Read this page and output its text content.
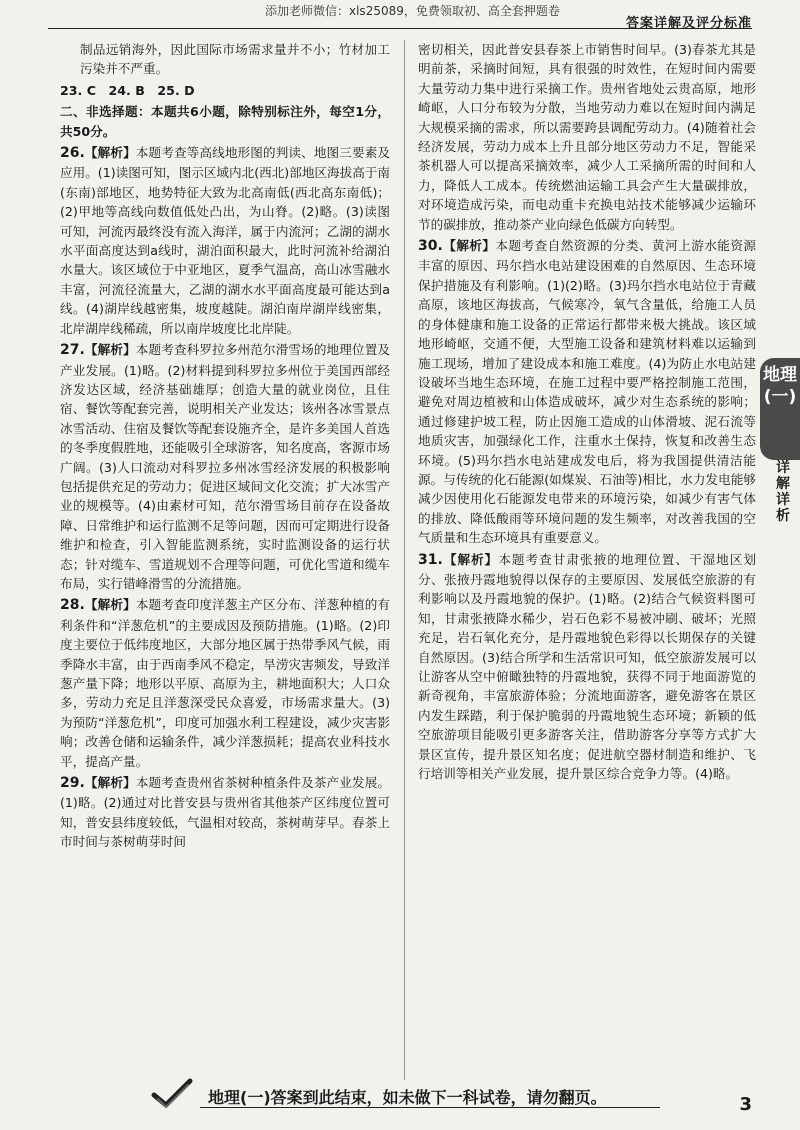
添加老师微信：xls25089，免费领取初、高全套押题卷
答案详解及评分标准

制品远销海外，因此国际市场需求量并不小；竹材加工污染并不严重。

23. C　24. B　25. D

二、非选择题：本题共6小题，除特别标注外，每空1分，共50分。

26.【解析】本题考查等高线地形图的判读、地图三要素及应用。(1)读图可知，图示区域内北(西北)部地区海拔高于南(东南)部地区，地势特征大致为北高南低(西北高东南低)；(2)甲地等高线向数值低处凸出，为山脊。(2)略。(3)读图可知，河流丙最终没有流入海洋，属于内流河；乙湖的湖水水平面高度达到a线时，湖泊面积最大，此时河流补给湖泊水量大。该区域位于中亚地区，夏季气温高，高山冰雪融水丰富，河流径流量大，乙湖的湖水水平面高度最可能达到a线。(4)湖岸线越密集，坡度越陡。湖泊南岸湖岸线密集，北岸湖岸线稀疏，所以南岸坡度比北岸陡。

27.【解析】本题考查科罗拉多州范尔滑雪场的地理位置及产业发展。(1)略。(2)材料提到科罗拉多州位于美国西部经济发达区域，经济基础雄厚；创造大量的就业岗位，且住宿、餐饮等配套完善，说明相关产业发达；该州各冰雪景点冰雪活动、住宿及餐饮等配套设施齐全，是许多美国人首选的冬季度假胜地，还能吸引全球游客，知名度高，客源市场广阔。(3)人口流动对科罗拉多州冰雪经济发展的积极影响包括提供充足的劳动力；促进区域间文化交流；扩大冰雪产业的规模等。(4)由素材可知，范尔滑雪场目前存在设备故障、日常维护和运行监测不足等问题，因而可定期进行设备维护和检查，引入智能监测系统，实时监测设备的运行状态；针对缆车、雪道规划不合理等问题，可优化雪道和缆车布局，实行错峰滑雪的分流措施。

28.【解析】本题考查印度洋葱主产区分布、洋葱种植的有利条件和“洋葱危机”的主要成因及预防措施。(1)略。(2)印度主要位于低纬度地区，大部分地区属于热带季风气候，雨季降水丰富，由于西南季风不稳定，旱涝灾害频发，导致洋葱产量下降；地形以平原、高原为主，耕地面积大；人口众多，劳动力充足且洋葱深受民众喜爱，市场需求量大。(3)为预防“洋葱危机”，印度可加强水利工程建设，减少灾害影响；改善仓储和运输条件，减少洋葱损耗；提高农业科技水平，提高产量。

29.【解析】本题考查贵州省茶树种植条件及茶产业发展。(1)略。(2)通过对比普安县与贵州省其他茶产区纬度位置可知，普安县纬度较低，气温相对较高，茶树萌芽早。春茶上市时间与茶树萌芽时间

密切相关，因此普安县春茶上市销售时间早。(3)春茶尤其是明前茶，采摘时间短，具有很强的时效性，在短时间内需要大量劳动力集中进行采摘工作。贵州省地处云贵高原，地形崎岖，人口分布较为分散，当地劳动力难以在短时间内满足大规模采摘的需求，所以需要跨县调配劳动力。(4)随着社会经济发展，劳动力成本上升且部分地区劳动力不足，智能采茶机器人可以提高采摘效率，减少人工采摘所需的时间和人力，降低人工成本。传统燃油运输工具会产生大量碳排放，对环境造成污染，而电动重卡充换电站技术能够减少运输环节的碳排放，推动茶产业向绿色低碳方向转型。

30.【解析】本题考查自然资源的分类、黄河上游水能资源丰富的原因、玛尔挡水电站建设困难的自然原因、生态环境保护措施及有利影响。(1)(2)略。(3)玛尔挡水电站位于青藏高原，该地区海拔高，气候寒冷，氧气含量低，给施工人员的身体健康和施工设备的正常运行都带来极大挑战。该区域地形崎岖，交通不便，大型施工设备和建筑材料难以运输到施工现场，增加了建设成本和施工难度。(4)为防止水电站建设破坏当地生态环境，在施工过程中要严格控制施工范围，避免对周边植被和山体造成破坏，减少对生态系统的影响；通过修建护坡工程，防止因施工造成的山体滑坡、泥石流等地质灾害，加强绿化工作，注重水土保持，恢复和改善生态环境。(5)玛尔挡水电站建成发电后，将为我国提供清洁能源。与传统的化石能源(如煤炭、石油等)相比，水力发电能够减少因使用化石能源发电带来的环境污染，如减少有害气体的排放、降低酸雨等环境问题的发生频率，对改善我国的空气质量和生态环境具有重要意义。

31.【解析】本题考查甘肃张掖的地理位置、干湿地区划分、张掖丹霞地貌得以保存的主要原因、发展低空旅游的有利影响以及丹霞地貌的保护。(1)略。(2)结合气候资料图可知，甘肃张掖降水稀少，岩石色彩不易被冲刷、破坏；光照充足，岩石氧化充分，是丹霞地貌色彩得以长期保存的关键自然原因。(3)结合所学和生活常识可知，低空旅游发展可以让游客从空中俯瞰独特的丹霞地貌，获得不同于地面游览的新奇视角，丰富旅游体验；分流地面游客，避免游客在景区内发生踩踏，利于保护脆弱的丹霞地貌生态环境；新颖的低空旅游项目能吸引更多游客关注，借助游客分享等方式扩大景区宣传，提升景区知名度；促进航空器材制造和维护、飞行培训等相关产业发展，提升景区综合竞争力等。(4)略。

地理(一)
详解详析
地理(一)答案到此结束，如未做下一科试卷，请勿翻页。	3
